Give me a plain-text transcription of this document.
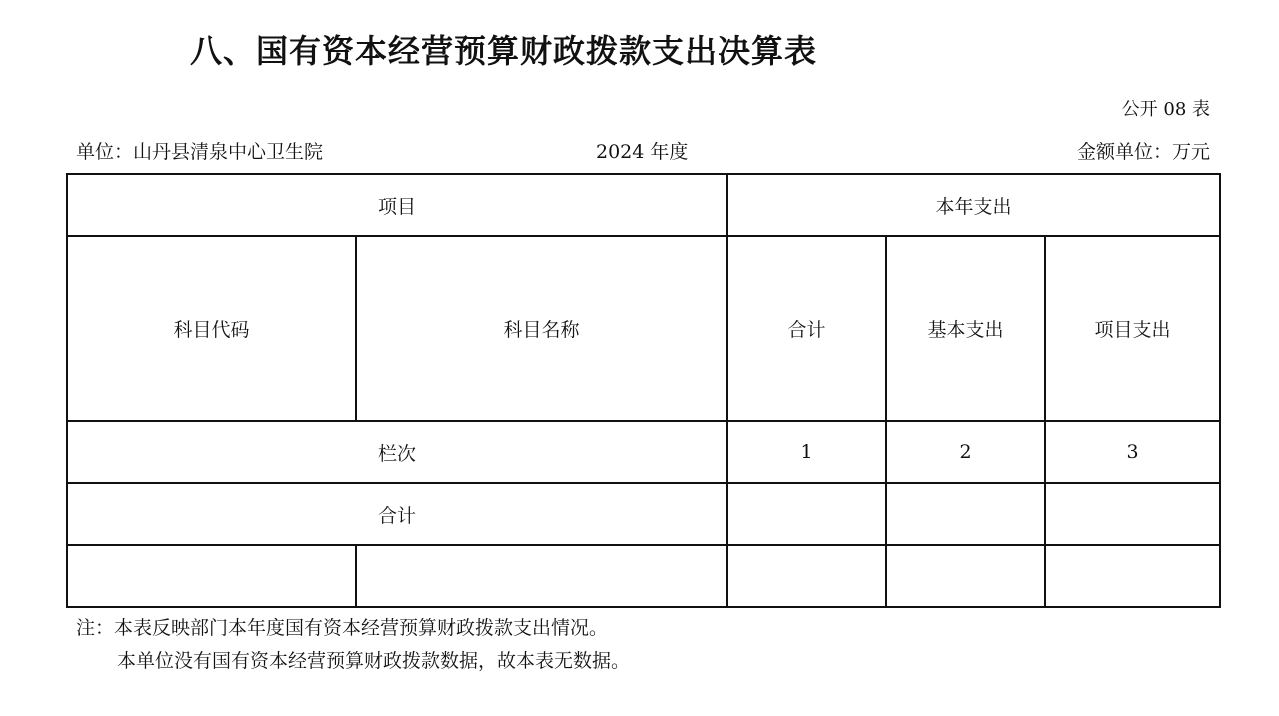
八、国有资本经营预算财政拨款支出决算表
公开 08 表
单位：山丹县清泉中心卫生院	2024 年度	金额单位：万元
项目		本年支出		
科目代码	科目名称	合计	基本支出	项目支出
栏次		1	2	3
合计				

注：本表反映部门本年度国有资本经营预算财政拨款支出情况。
本单位没有国有资本经营预算财政拨款数据，故本表无数据。
